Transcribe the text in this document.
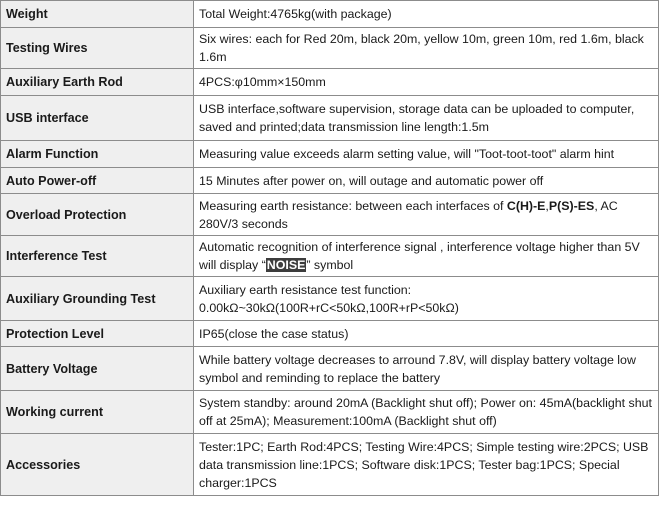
Weight	Total Weight:4765kg(with package)
Testing Wires	Six wires: each for Red 20m, black 20m, yellow 10m, green 10m, red 1.6m, black 1.6m
Auxiliary Earth Rod	4PCS:φ10mm×150mm
USB interface	USB interface,software supervision, storage data can be uploaded to computer, saved and printed;data transmission line length:1.5m
Alarm Function	Measuring value exceeds alarm setting value, will "Toot-toot-toot" alarm hint
Auto Power-off	15 Minutes after power on, will outage and automatic power off
Overload Protection	Measuring earth resistance: between each interfaces of C(H)-E,P(S)-ES, AC 280V/3 seconds
Interference Test	Automatic recognition of interference signal , interference voltage higher than 5V will display “NOISE” symbol
Auxiliary Grounding Test	Auxiliary earth resistance test function:
0.00kΩ~30kΩ(100R+rC<50kΩ,100R+rP<50kΩ)

Protection Level	IP65(close the case status)
Battery Voltage	While battery voltage decreases to arround 7.8V, will display battery voltage low symbol and reminding to replace the battery
Working current	System standby: around 20mA (Backlight shut off); Power on: 45mA(backlight shut off at 25mA); Measurement:100mA (Backlight shut off)
Accessories	Tester:1PC; Earth Rod:4PCS; Testing Wire:4PCS; Simple testing wire:2PCS; USB data transmission line:1PCS; Software disk:1PCS; Tester bag:1PCS; Special charger:1PCS
